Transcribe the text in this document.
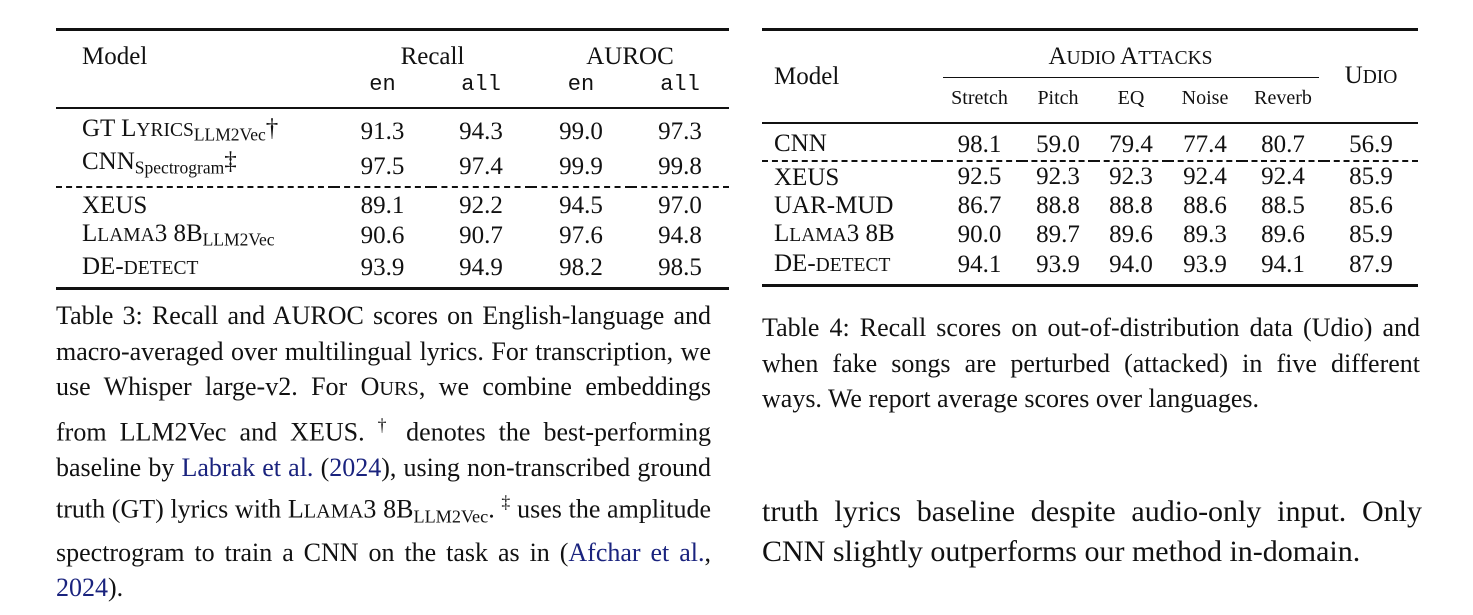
Model	Recall		AUROC	
	en	all	en	all
GT $LYRICS_{LLM2Vec}\dagger$	91.3	94.3	99.0	97.3
$CNN_{Spectrogram}\ddagger$	97.5	97.4	99.9	99.8
XEUS	89.1	92.2	94.5	97.0
LLAMA3 $8B_{LLM2Vec}$	90.6	90.7	97.6	94.8
DE-DETECT	93.9	94.9	98.2	98.5
Model	AUDIO ATTACKS					UDIO
	Stretch	Pitch	EQ	Noise	Reverb	
CNN	98.1	59.0	79.4	77.4	80.7	56.9
XEUS	92.5	92.3	92.3	92.4	92.4	85.9
UAR-MUD	86.7	88.8	88.8	88.6	88.5	85.6
LLAMA3 8B	90.0	89.7	89.6	89.3	89.6	85.9
DE-DETECT	94.1	93.9	94.0	93.9	94.1	87.9
Table 3: Recall and AUROC scores on English-language and macro-averaged over multilingual lyrics. For transcription, we use Whisper large-v2. For OURS, we combine embeddings from LLM2Vec and XEUS. † denotes the best-performing baseline by Labrak et al. (2024), using non-transcribed ground truth (GT) lyrics with LLAMA3 $8B_{LLM2Vec}$. ‡ uses the amplitude spectrogram to train a CNN on the task as in (Afchar et al., 2024).
Table 4: Recall scores on out-of-distribution data (Udio) and when fake songs are perturbed (attacked) in five different ways. We report average scores over languages.
truth lyrics baseline despite audio-only input. Only CNN slightly outperforms our method in-domain.
